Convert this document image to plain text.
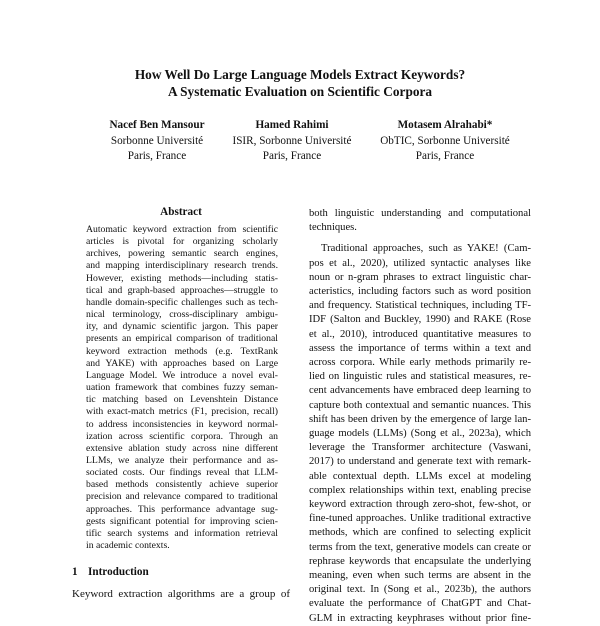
How Well Do Large Language Models Extract Keywords?
A Systematic Evaluation on Scientific Corpora
Nacef Ben Mansour
Sorbonne Université
Paris, France
Hamed Rahimi
ISIR, Sorbonne Université
Paris, France
Motasem Alrahabi*
ObTIC, Sorbonne Université
Paris, France
Abstract
Automatic keyword extraction from scientific
articles is pivotal for organizing scholarly
archives, powering semantic search engines,
and mapping interdisciplinary research trends.
However, existing methods—including statis-
tical and graph-based approaches—struggle to
handle domain-specific challenges such as tech-
nical terminology, cross-disciplinary ambigu-
ity, and dynamic scientific jargon. This paper
presents an empirical comparison of traditional
keyword extraction methods (e.g. TextRank
and YAKE) with approaches based on Large
Language Model. We introduce a novel eval-
uation framework that combines fuzzy seman-
tic matching based on Levenshtein Distance
with exact-match metrics (F1, precision, recall)
to address inconsistencies in keyword normal-
ization across scientific corpora. Through an
extensive ablation study across nine different
LLMs, we analyze their performance and as-
sociated costs. Our findings reveal that LLM-
based methods consistently achieve superior
precision and relevance compared to traditional
approaches. This performance advantage sug-
gests significant potential for improving scien-
tific search systems and information retrieval
in academic contexts.
1 Introduction
Keyword extraction algorithms are a group of
both linguistic understanding and computational
techniques.
Traditional approaches, such as YAKE! (Cam-
pos et al., 2020), utilized syntactic analyses like
noun or n-gram phrases to extract linguistic char-
acteristics, including factors such as word position
and frequency. Statistical techniques, including TF-
IDF (Salton and Buckley, 1990) and RAKE (Rose
et al., 2010), introduced quantitative measures to
assess the importance of terms within a text and
across corpora. While early methods primarily re-
lied on linguistic rules and statistical measures, re-
cent advancements have embraced deep learning to
capture both contextual and semantic nuances. This
shift has been driven by the emergence of large lan-
guage models (LLMs) (Song et al., 2023a), which
leverage the Transformer architecture (Vaswani,
2017) to understand and generate text with remark-
able contextual depth. LLMs excel at modeling
complex relationships within text, enabling precise
keyword extraction through zero-shot, few-shot, or
fine-tuned approaches. Unlike traditional extractive
methods, which are confined to selecting explicit
terms from the text, generative models can create or
rephrase keywords that encapsulate the underlying
meaning, even when such terms are absent in the
original text. In (Song et al., 2023b), the authors
evaluate the performance of ChatGPT and Chat-
GLM in extracting keyphrases without prior fine-
